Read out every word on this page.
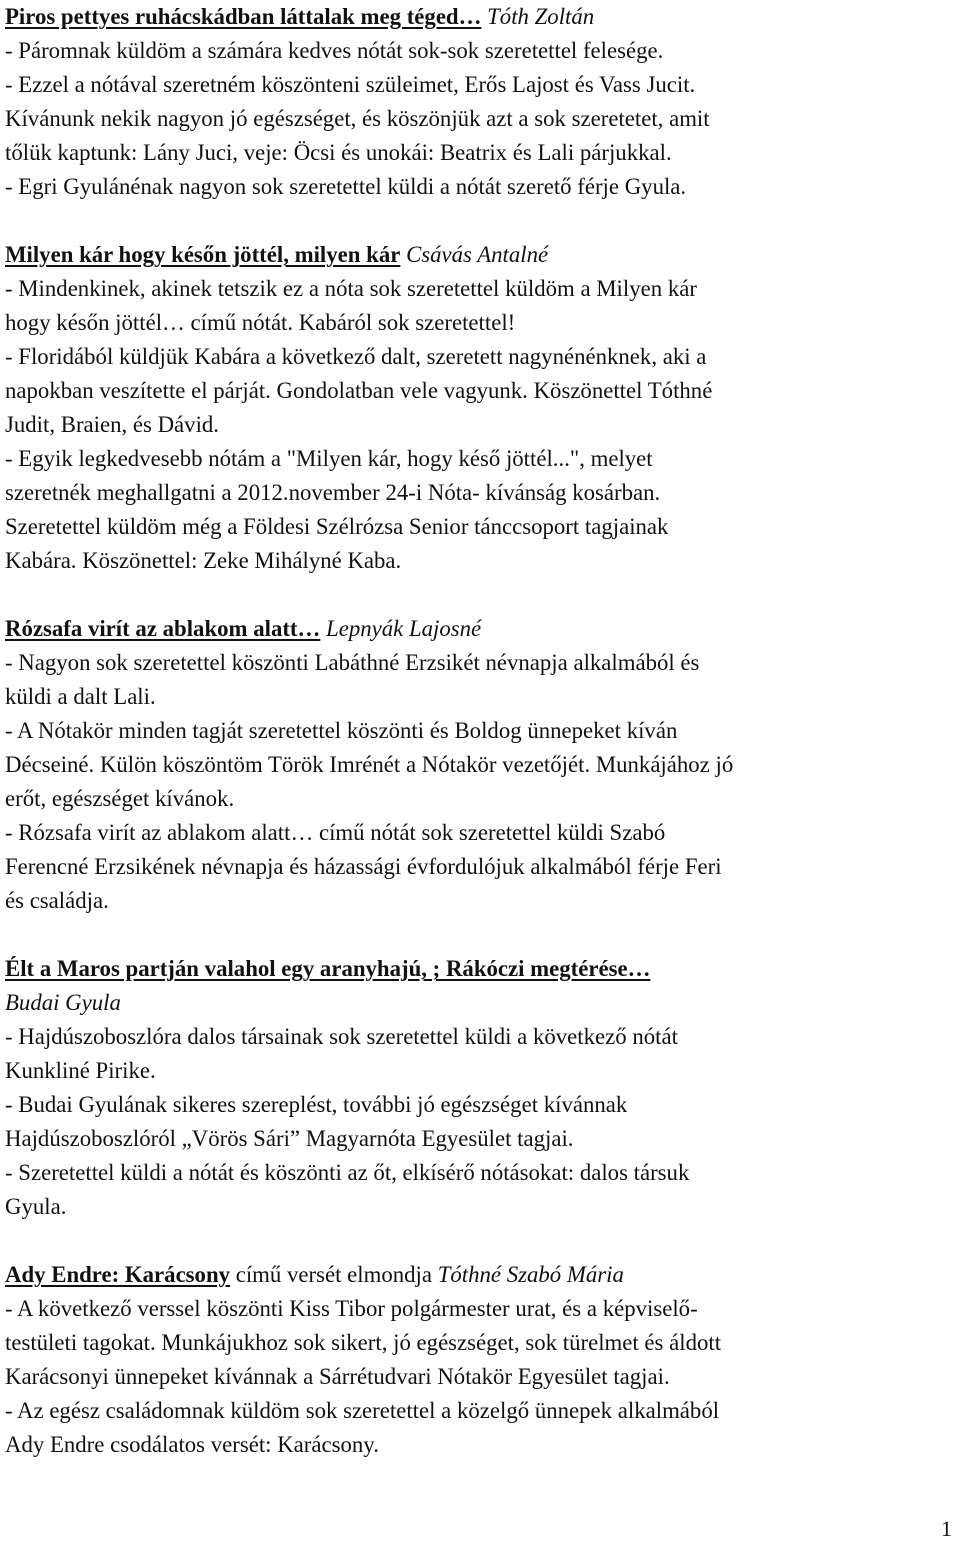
Piros pettyes ruhácskádban láttalak meg téged… Tóth Zoltán

- Páromnak küldöm a számára kedves nótát sok-sok szeretettel felesége.

- Ezzel a nótával szeretném köszönteni szüleimet, Erős Lajost és Vass Jucit.

Kívánunk nekik nagyon jó egészséget, és köszönjük azt a sok szeretetet, amit

tőlük kaptunk: Lány Juci, veje: Öcsi és unokái: Beatrix és Lali párjukkal.

- Egri Gyulánénak nagyon sok szeretettel küldi a nótát szerető férje Gyula.

Milyen kár hogy későn jöttél, milyen kár Csávás Antalné

- Mindenkinek, akinek tetszik ez a nóta sok szeretettel küldöm a Milyen kár

hogy későn jöttél… című nótát. Kabáról sok szeretettel!

- Floridából küldjük Kabára a következő dalt, szeretett nagynénénknek, aki a

napokban veszítette el párját. Gondolatban vele vagyunk. Köszönettel Tóthné

Judit, Braien, és Dávid.

- Egyik legkedvesebb nótám a "Milyen kár, hogy késő jöttél...", melyet

szeretnék meghallgatni a 2012.november 24-i Nóta- kívánság kosárban.

Szeretettel küldöm még a Földesi Szélrózsa Senior tánccsoport tagjainak

Kabára. Köszönettel: Zeke Mihályné Kaba.

Rózsafa virít az ablakom alatt… Lepnyák Lajosné

- Nagyon sok szeretettel köszönti Labáthné Erzsikét névnapja alkalmából és

küldi a dalt Lali.

- A Nótakör minden tagját szeretettel köszönti és Boldog ünnepeket kíván

Décseiné. Külön köszöntöm Török Imrénét a Nótakör vezetőjét. Munkájához jó

erőt, egészséget kívánok.

- Rózsafa virít az ablakom alatt… című nótát sok szeretettel küldi Szabó

Ferencné Erzsikének névnapja és házassági évfordulójuk alkalmából férje Feri

és családja.

Élt a Maros partján valahol egy aranyhajú, ; Rákóczi megtérése…

Budai Gyula

- Hajdúszoboszlóra dalos társainak sok szeretettel küldi a következő nótát

Kunkliné Pirike.

- Budai Gyulának sikeres szereplést, további jó egészséget kívánnak

Hajdúszoboszlóról „Vörös Sári” Magyarnóta Egyesület tagjai.

- Szeretettel küldi a nótát és köszönti az őt, elkísérő nótásokat: dalos társuk

Gyula.

Ady Endre: Karácsony című versét elmondja Tóthné Szabó Mária

- A következő verssel köszönti Kiss Tibor polgármester urat, és a képviselő-

testületi tagokat. Munkájukhoz sok sikert, jó egészséget, sok türelmet és áldott

Karácsonyi ünnepeket kívánnak a Sárrétudvari Nótakör Egyesület tagjai.

- Az egész családomnak küldöm sok szeretettel a közelgő ünnepek alkalmából

Ady Endre csodálatos versét: Karácsony.

1
